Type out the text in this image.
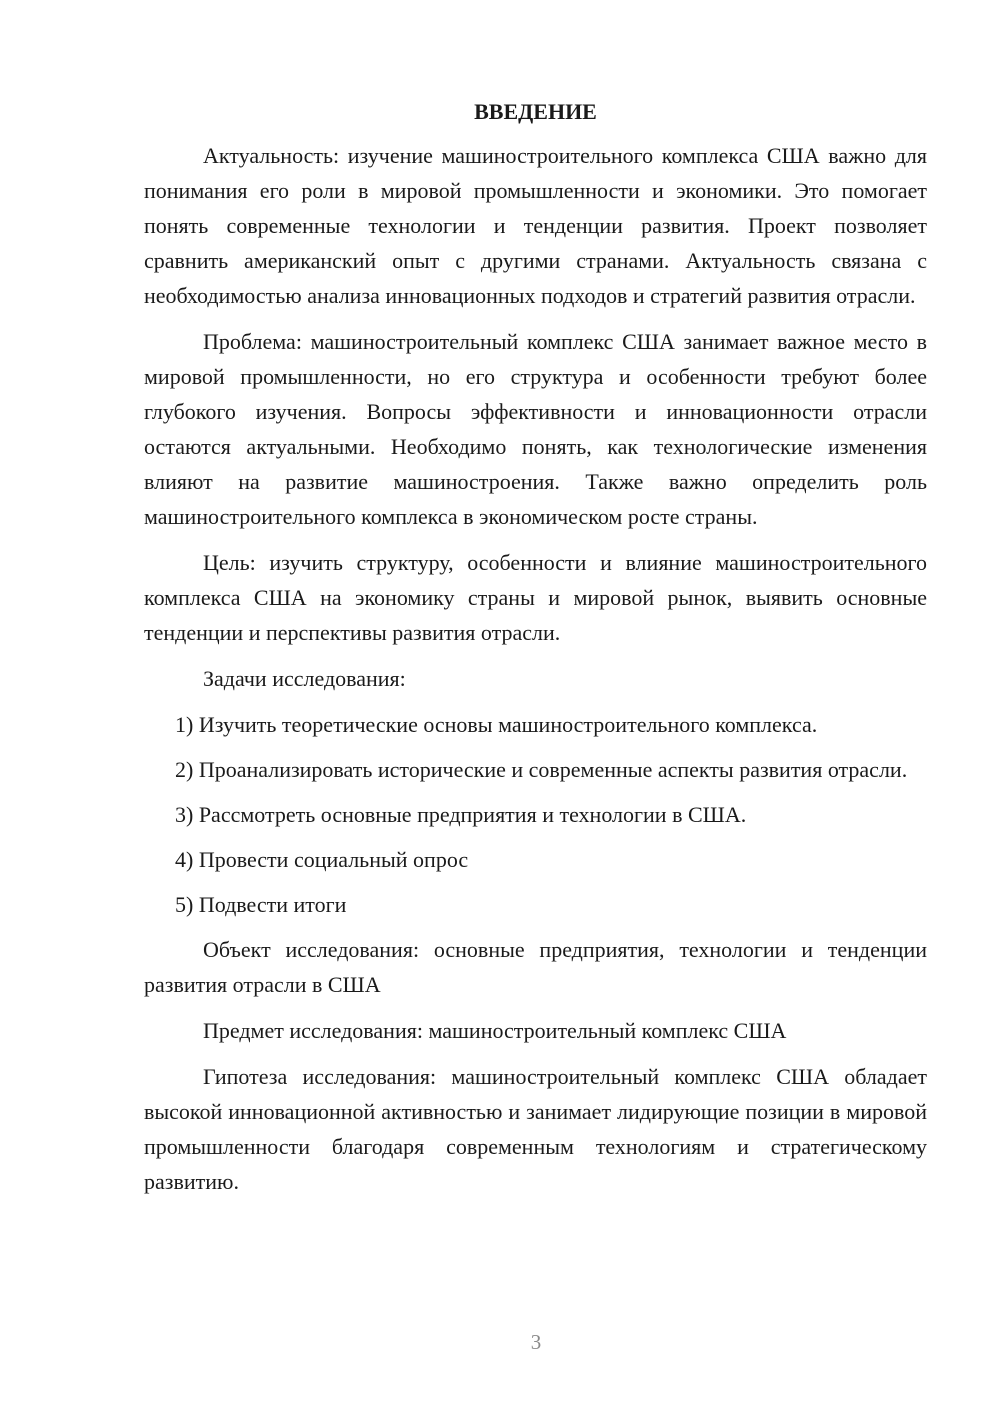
ВВЕДЕНИЕ

Актуальность: изучение машиностроительного комплекса США важно для понимания его роли в мировой промышленности и экономики. Это помогает понять современные технологии и тенденции развития. Проект позволяет сравнить американский опыт с другими странами. Актуальность связана с необходимостью анализа инновационных подходов и стратегий развития отрасли.

Проблема: машиностроительный комплекс США занимает важное место в мировой промышленности, но его структура и особенности требуют более глубокого изучения. Вопросы эффективности и инновационности отрасли остаются актуальными. Необходимо понять, как технологические изменения влияют на развитие машиностроения. Также важно определить роль машиностроительного комплекса в экономическом росте страны.

Цель: изучить структуру, особенности и влияние машиностроительного комплекса США на экономику страны и мировой рынок, выявить основные тенденции и перспективы развития отрасли.

Задачи исследования:

1) Изучить теоретические основы машиностроительного комплекса.

2) Проанализировать исторические и современные аспекты развития отрасли.

3) Рассмотреть основные предприятия и технологии в США.

4) Провести социальный опрос

5) Подвести итоги

Объект исследования: основные предприятия, технологии и тенденции развития отрасли в США

Предмет исследования: машиностроительный комплекс США

Гипотеза исследования: машиностроительный комплекс США обладает высокой инновационной активностью и занимает лидирующие позиции в мировой промышленности благодаря современным технологиям и стратегическому развитию.

3
